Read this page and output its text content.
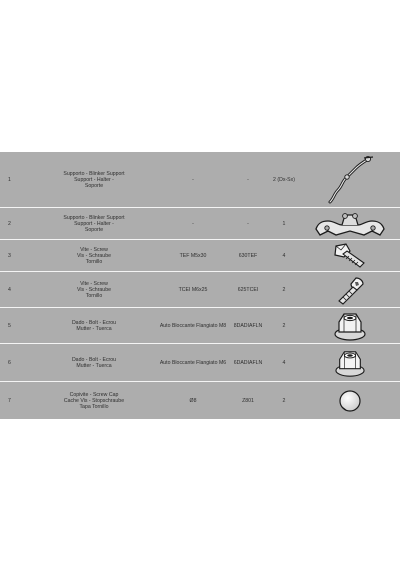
1
Supporto - Blinker Support
Support - Halter -
Soporte
-	-	2 (Dx-Sx)
2
Supporto - Blinker Support
Support - Halter -
Soporte
-	-	1
3
Vite - Screw
Vis - Schraube
Tornillo
TEF M5x30	630TEF	4
4
Vite - Screw
Vis - Schraube
Tornillo
TCEI M6x25	625TCEI	2
5	Dado - Bolt - Ecrou
Mutter - Tuerca	Auto Bloccante Flangiato M8	8DADIAFLN	2
6	Dado - Bolt - Ecrou
Mutter - Tuerca	Auto Bloccante Flangiato M6	6DADIAFLN	4
7
Copivite - Screw Cap
Cache Vis - Stopschraube
Tapa Tornillo
Ø8	Z801	2
